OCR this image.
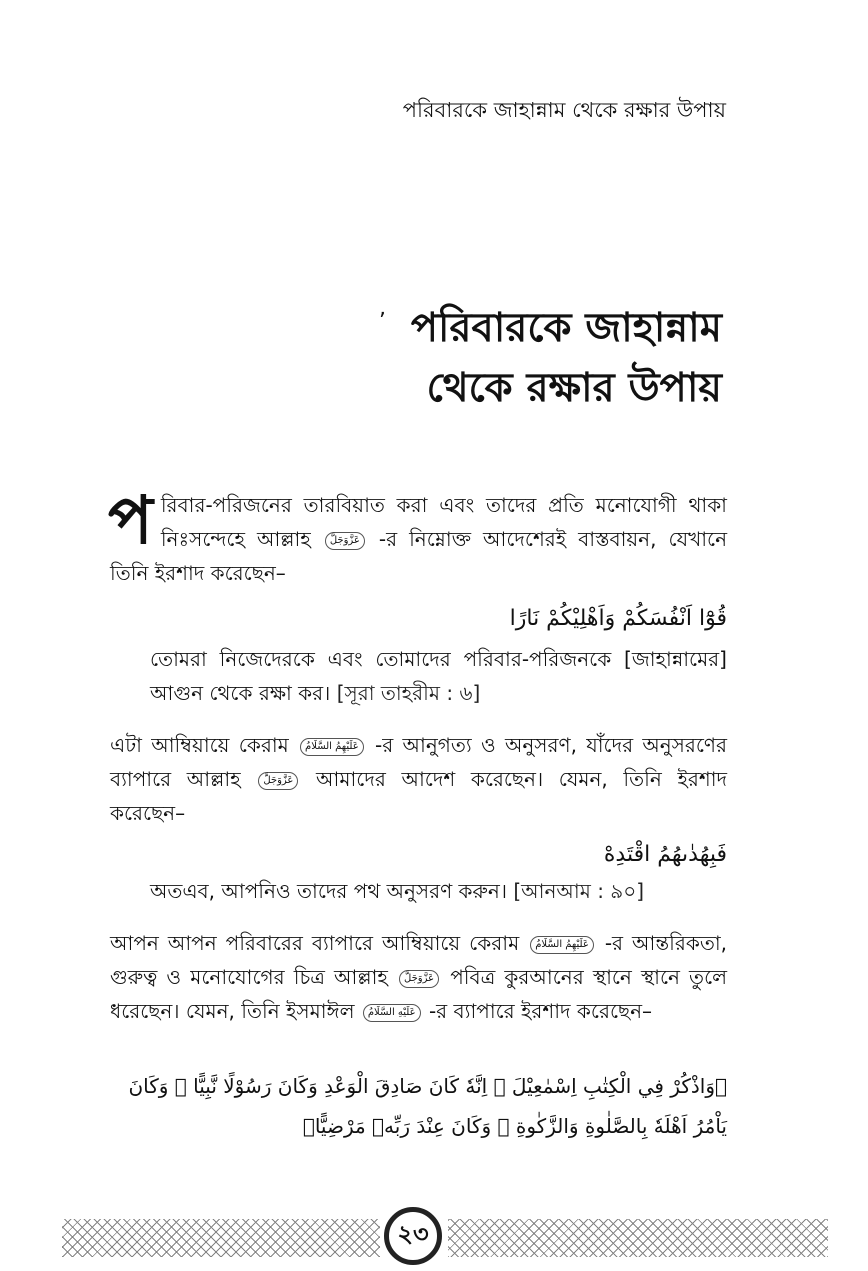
পরিবারকে জাহান্নাম থেকে রক্ষার উপায়
ʼ পরিবারকে জাহান্নাম
থেকে রক্ষার উপায়
প রিবার-পরিজনের তারবিয়াত করা এবং তাদের প্রতি মনোযোগী থাকা নিঃসন্দেহে আল্লাহ عَزَّوَجَلَّ -র নিম্নোক্ত আদেশেরই বাস্তবায়ন, যেখানে তিনি ইরশাদ করেছেন–
قُوْٓا اَنْفُسَكُمْ وَاَهْلِيْكُمْ نَارًا
তোমরা নিজেদেরকে এবং তোমাদের পরিবার-পরিজনকে [জাহান্নামের] আগুন থেকে রক্ষা কর। [সূরা তাহরীম : ৬]
এটা আম্বিয়ায়ে কেরাম عَلَيْهِمُ السَّلَامُ -র আনুগত্য ও অনুসরণ, যাঁদের অনুসরণের ব্যাপারে আল্লাহ عَزَّوَجَلَّ আমাদের আদেশ করেছেন। যেমন, তিনি ইরশাদ করেছেন–
فَبِهُدٰىهُمُ اقْتَدِهْ
অতএব, আপনিও তাদের পথ অনুসরণ করুন। [আনআম : ৯০]
আপন আপন পরিবারের ব্যাপারে আম্বিয়ায়ে কেরাম عَلَيْهِمُ السَّلَامُ -র আন্তরিকতা, গুরুত্ব ও মনোযোগের চিত্র আল্লাহ عَزَّوَجَلَّ পবিত্র কুরআনের স্থানে স্থানে তুলে ধরেছেন। যেমন, তিনি ইসমাঈল عَلَيْهِ السَّلَامُ -র ব্যাপারে ইরশাদ করেছেন–
﴿وَاذْكُرْ فِي الْكِتٰبِ اِسْمٰعِيْلَ ۫ اِنَّهٗ كَانَ صَادِقَ الْوَعْدِ وَكَانَ رَسُوْلًا نَّبِيًّا ۚ وَكَانَ يَاْمُرُ اَهْلَهٗ بِالصَّلٰوةِ وَالزَّكٰوةِ ۪ وَكَانَ عِنْدَ رَبِّهٖ مَرْضِيًّا﴾
২৩
